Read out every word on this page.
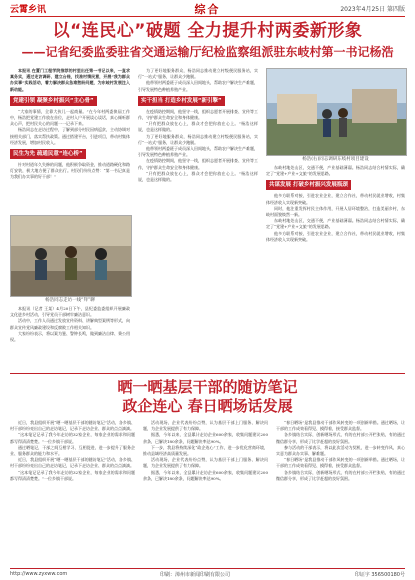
云霄乡讯	综合	2023年4月25日 第四版
以“连民心”破题 全力提升村两委新形象
——记省纪委监委驻省交通运输厅纪检监察组派驻东岐村第一书记杨浩

本报讯 在厦门工程学院推荐的村里出任第一书记以来，一直求真务实，通过走访调研、建立台账，找准村情民意，开展“我为群众办实事”实践活动，着力解决群众急难愁盼问题，为东岐村发展注入新动能。

党建引领 凝聚乡村振兴“主心骨”

“大家的事情，全靠大伙儿一起商量。”在今年村两委换届工作中，杨浩把党建工作放在首位，走村入户开展谈心谈话，真心倾听群众心声，把村民关心的问题一一记录下来。

杨浩同志在走访过程中，了解到部分村民因病返贫，主动协调对接相关部门，落实帮扶政策。通过搭建平台，引进项目，带动村集体经济发展，增加村民收入。

民生为先 疏通民意“连心桥”

针对村道年久失修的问题，他积极争取资金，推动道路硬化和路灯安装，极大地方便了群众出行。村民们纷纷点赞：“第一书记真是为我们办实事的好干部！”

为了更好地服务群众，杨浩同志推动建立村级便民服务站，实行“一站式”服务，让群众少跑腿。

他带领村两委班子成员深入田间地头，帮助农户解决生产难题，引导发展特色种植养殖产业。

实干担当 打造乡村发展“新引擎”

在疫情防控期间，他坚守一线，组织志愿者开展排查、宣传等工作，守护群众生命安全和身体健康。

“只有把群众放在心上，群众才会把你放在心上。”杨浩这样说，也是这样做的。

为了更好地服务群众，杨浩同志推动建立村级便民服务站，实行“一站式”服务，让群众少跑腿。

他带领村两委班子成员深入田间地头，帮助农户解决生产难题，引导发展特色种植养殖产业。

在疫情防控期间，他坚守一线，组织志愿者开展排查、宣传等工作，守护群众生命安全和身体健康。

“只有把群众放在心上，群众才会把你放在心上。”杨浩这样说，也是这样做的。

杨浩(右)同志调研东岐村项目建设

东岐村地处山区，交通不便，产业基础薄弱。杨浩同志结合村情实际，确定了“党建+产业+文旅”的发展思路。

共谋发展 打破乡村振兴发展瓶颈

他多方联系对接，引进农业企业，建立合作社，带动村民就业增收，村集体经济收入实现新突破。

同时，他注重发挥村民主体作用，开展人居环境整治，打造美丽乡村，东岐村面貌焕然一新。

东岐村地处山区，交通不便，产业基础薄弱。杨浩同志结合村情实际，确定了“党建+产业+文旅”的发展思路。

他多方联系对接，引进农业企业，建立合作社，带动村民就业增收，村集体经济收入实现新突破。

杨浩同志走访一线“拜”聊

本报讯（记者 王某）4月20日下午，县纪委监委组织开展廉政文化进乡村活动，引导党员干部树牢廉洁意识。

活动中，工作人员通过发放宣传资料、讲解典型案例等形式，向群众宣传党风廉政建设和反腐败工作相关知识。

大家纷纷表示，将以案为鉴、警钟长鸣，做到廉洁自律、秉公用权。

晒一晒基层干部的随访笔记
政企连心 春日晒场话发展

近日，我县组织开展“晒一晒基层干部的随访笔记”活动，各乡镇、村干部纷纷亮出自己的走访笔记，记录下走访企业、群众的点点滴滴。

“这本笔记记录了我今年走访的32家企业，每家企业的需求和问题都写得清清楚楚。”一位乡镇干部说。

通过晒笔记，干部之间互相学习、互相促进，进一步提升了服务企业、服务群众的能力和水平。

近日，我县组织开展“晒一晒基层干部的随访笔记”活动，各乡镇、村干部纷纷亮出自己的走访笔记，记录下走访企业、群众的点点滴滴。

“这本笔记记录了我今年走访的32家企业，每家企业的需求和问题都写得清清楚楚。”一位乡镇干部说。

活动现场，企业代表纷纷点赞，认为基层干部上门服务、解决问题，为企业发展提供了有力保障。

据悉，今年以来，全县累计走访企业600余家，收集问题建议200余条，已解决180余条，问题解决率达90%。

下一步，我县将持续深化“政企连心”工作，进一步优化营商环境，推动县域经济高质量发展。

活动现场，企业代表纷纷点赞，认为基层干部上门服务、解决问题，为企业发展提供了有力保障。

据悉，今年以来，全县累计走访企业600余家，收集问题建议200余条，已解决180余条，问题解决率达90%。

“春日晒场”是我县推动干部作风转变的一项创新举措。通过晒场，让干部的工作成效看得见、摸得着，接受群众监督。

各乡镇结合实际，创新晒场形式，有的在村部公开栏张贴，有的通过微信群分享，形成了比学赶超的良好氛围。

参与活动的干部表示，将以此次活动为契机，进一步转变作风，真心实意为群众办实事、解难题。

“春日晒场”是我县推动干部作风转变的一项创新举措。通过晒场，让干部的工作成效看得见、摸得着，接受群众监督。

各乡镇结合实际，创新晒场形式，有的在村部公开栏张贴，有的通过微信群分享，形成了比学赶超的良好氛围。

http://www.zyxww.com	印刷：漳州市新闻印刷有限公司	印证字 356500180号
